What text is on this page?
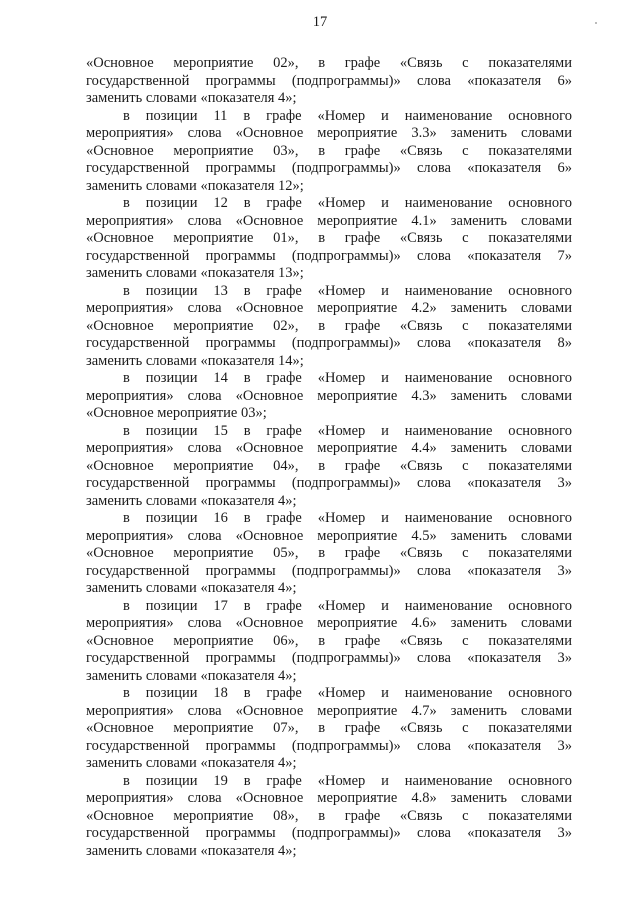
17

«Основное мероприятие 02», в графе «Связь с показателями
государственной программы (подпрограммы)» слова «показателя 6»
заменить словами «показателя 4»;

в позиции 11 в графе «Номер и наименование основного
мероприятия» слова «Основное мероприятие 3.3» заменить словами
«Основное мероприятие 03», в графе «Связь с показателями
государственной программы (подпрограммы)» слова «показателя 6»
заменить словами «показателя 12»;

в позиции 12 в графе «Номер и наименование основного
мероприятия» слова «Основное мероприятие 4.1» заменить словами
«Основное мероприятие 01», в графе «Связь с показателями
государственной программы (подпрограммы)» слова «показателя 7»
заменить словами «показателя 13»;

в позиции 13 в графе «Номер и наименование основного
мероприятия» слова «Основное мероприятие 4.2» заменить словами
«Основное мероприятие 02», в графе «Связь с показателями
государственной программы (подпрограммы)» слова «показателя 8»
заменить словами «показателя 14»;

в позиции 14 в графе «Номер и наименование основного
мероприятия» слова «Основное мероприятие 4.3» заменить словами
«Основное мероприятие 03»;

в позиции 15 в графе «Номер и наименование основного
мероприятия» слова «Основное мероприятие 4.4» заменить словами
«Основное мероприятие 04», в графе «Связь с показателями
государственной программы (подпрограммы)» слова «показателя 3»
заменить словами «показателя 4»;

в позиции 16 в графе «Номер и наименование основного
мероприятия» слова «Основное мероприятие 4.5» заменить словами
«Основное мероприятие 05», в графе «Связь с показателями
государственной программы (подпрограммы)» слова «показателя 3»
заменить словами «показателя 4»;

в позиции 17 в графе «Номер и наименование основного
мероприятия» слова «Основное мероприятие 4.6» заменить словами
«Основное мероприятие 06», в графе «Связь с показателями
государственной программы (подпрограммы)» слова «показателя 3»
заменить словами «показателя 4»;

в позиции 18 в графе «Номер и наименование основного
мероприятия» слова «Основное мероприятие 4.7» заменить словами
«Основное мероприятие 07», в графе «Связь с показателями
государственной программы (подпрограммы)» слова «показателя 3»
заменить словами «показателя 4»;

в позиции 19 в графе «Номер и наименование основного
мероприятия» слова «Основное мероприятие 4.8» заменить словами
«Основное мероприятие 08», в графе «Связь с показателями
государственной программы (подпрограммы)» слова «показателя 3»
заменить словами «показателя 4»;
